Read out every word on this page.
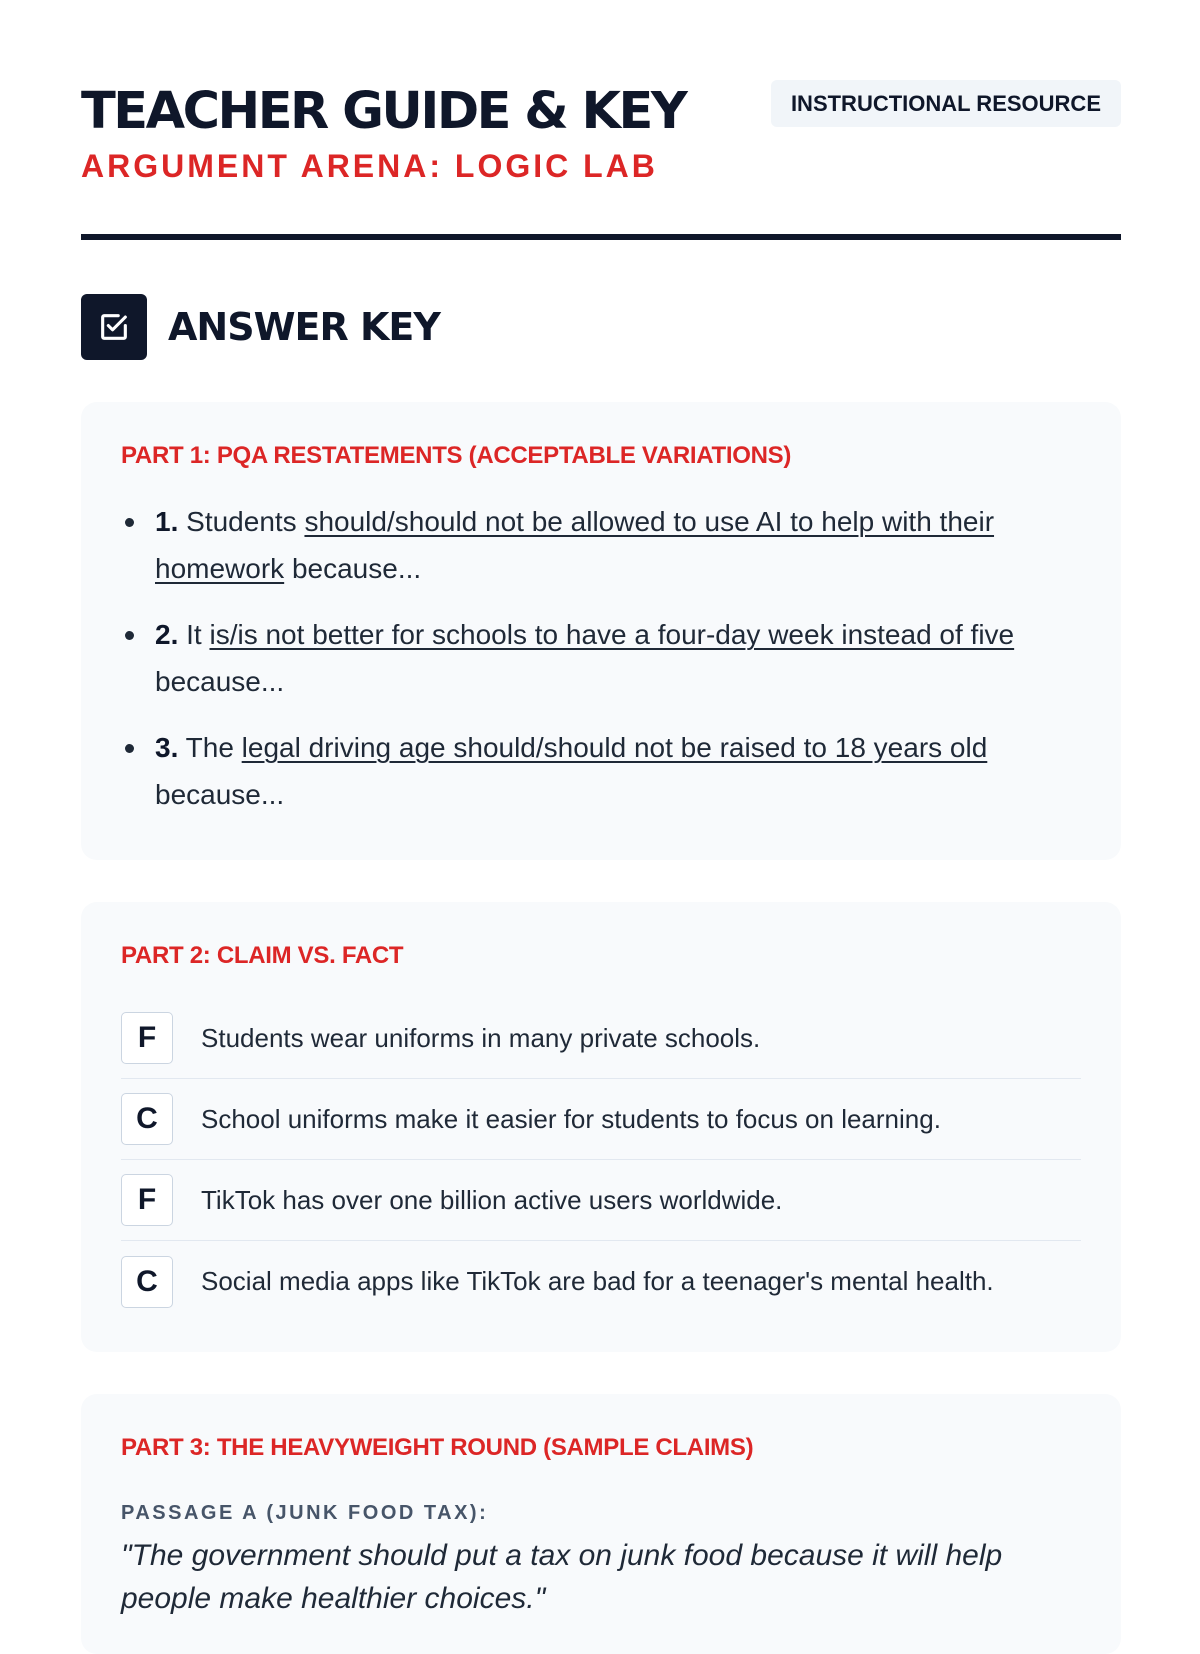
TEACHER GUIDE & KEY	INSTRUCTIONAL RESOURCE
ARGUMENT ARENA: LOGIC LAB
ANSWER KEY
PART 1: PQA RESTATEMENTS (ACCEPTABLE VARIATIONS)
1. Students should/should not be allowed to use AI to help with their homework because...
2. It is/is not better for schools to have a four-day week instead of five because...
3. The legal driving age should/should not be raised to 18 years old because...
PART 2: CLAIM VS. FACT
F	Students wear uniforms in many private schools.
C	School uniforms make it easier for students to focus on learning.
F	TikTok has over one billion active users worldwide.
C	Social media apps like TikTok are bad for a teenager's mental health.
PART 3: THE HEAVYWEIGHT ROUND (SAMPLE CLAIMS)
PASSAGE A (JUNK FOOD TAX):
"The government should put a tax on junk food because it will help people make healthier choices."
